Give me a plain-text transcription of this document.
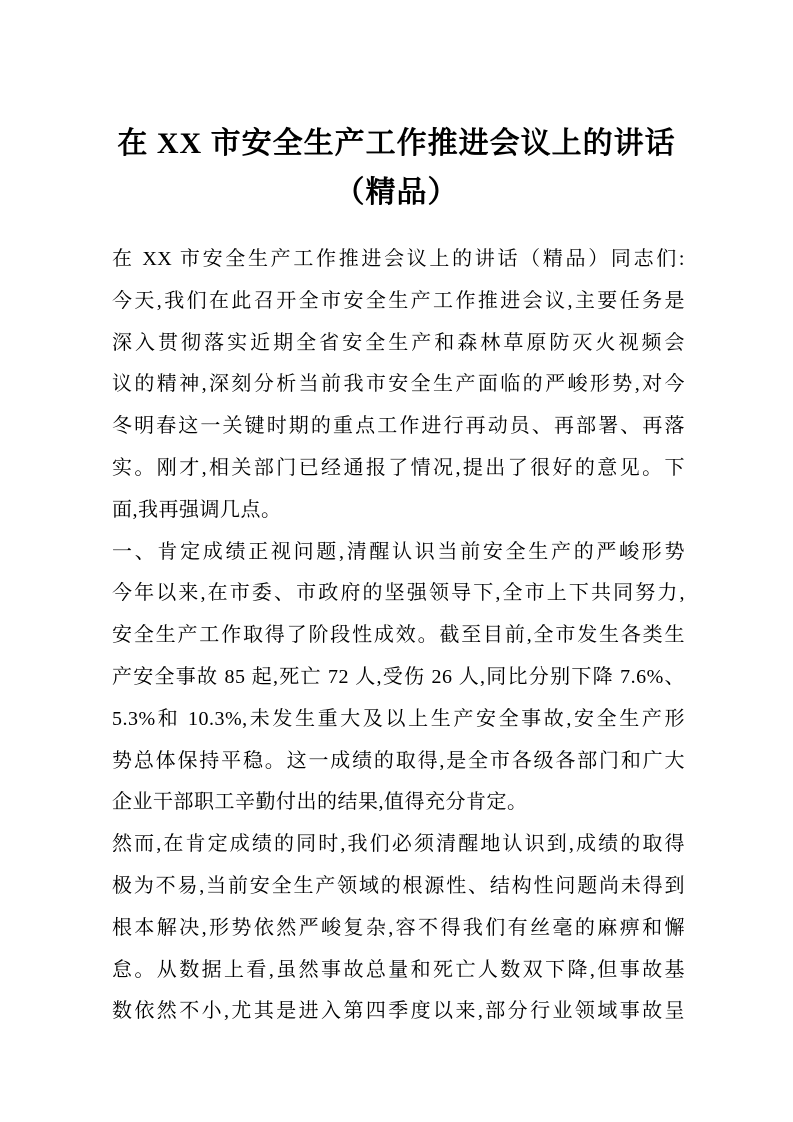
在 XX 市安全生产工作推进会议上的讲话
（精品）
在 XX 市安全生产工作推进会议上的讲话（精品）同志们:
今天,我们在此召开全市安全生产工作推进会议,主要任务是
深入贯彻落实近期全省安全生产和森林草原防灭火视频会
议的精神,深刻分析当前我市安全生产面临的严峻形势,对今
冬明春这一关键时期的重点工作进行再动员、再部署、再落
实。刚才,相关部门已经通报了情况,提出了很好的意见。下
面,我再强调几点。
一、肯定成绩正视问题,清醒认识当前安全生产的严峻形势
今年以来,在市委、市政府的坚强领导下,全市上下共同努力,
安全生产工作取得了阶段性成效。截至目前,全市发生各类生
产安全事故 85 起,死亡 72 人,受伤 26 人,同比分别下降 7.6%、
5.3%和 10.3%,未发生重大及以上生产安全事故,安全生产形
势总体保持平稳。这一成绩的取得,是全市各级各部门和广大
企业干部职工辛勤付出的结果,值得充分肯定。
然而,在肯定成绩的同时,我们必须清醒地认识到,成绩的取得
极为不易,当前安全生产领域的根源性、结构性问题尚未得到
根本解决,形势依然严峻复杂,容不得我们有丝毫的麻痹和懈
怠。从数据上看,虽然事故总量和死亡人数双下降,但事故基
数依然不小,尤其是进入第四季度以来,部分行业领域事故呈
